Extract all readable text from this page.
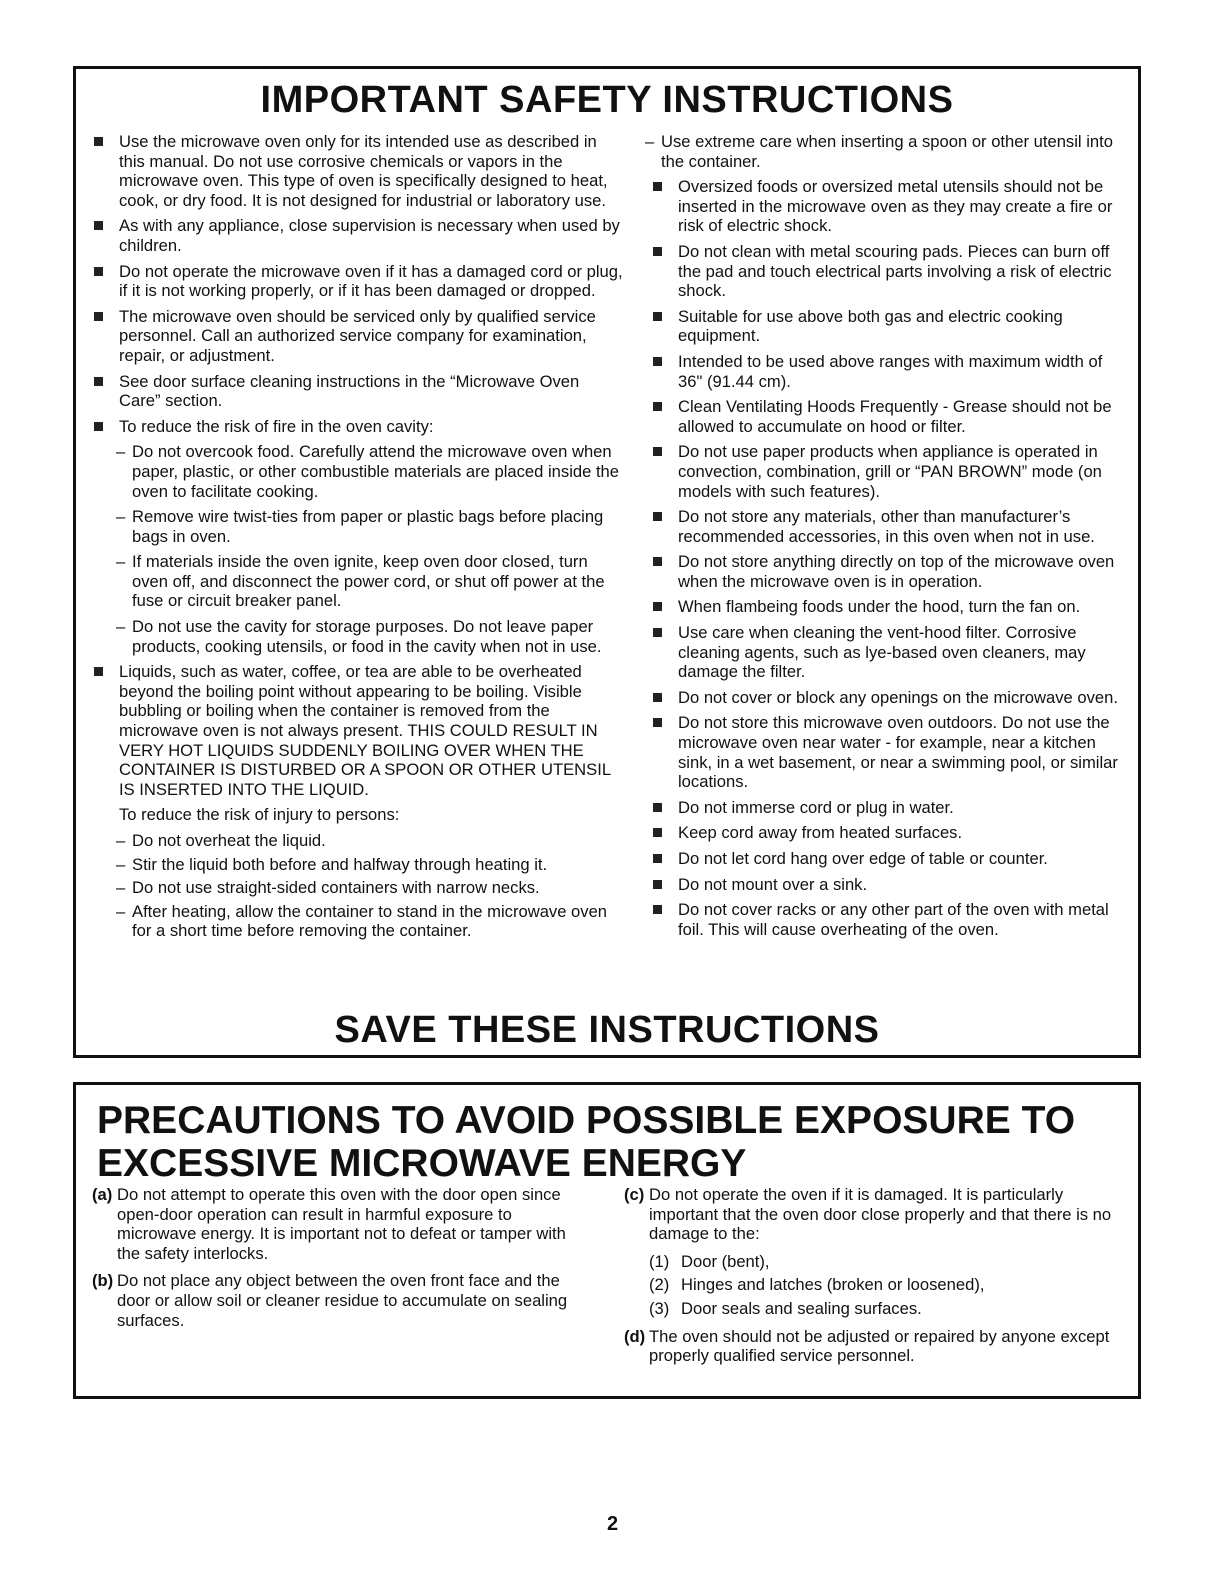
IMPORTANT SAFETY INSTRUCTIONS
Use the microwave oven only for its intended use as described in this manual. Do not use corrosive chemicals or vapors in the microwave oven. This type of oven is specifically designed to heat, cook, or dry food. It is not designed for industrial or laboratory use.
As with any appliance, close supervision is necessary when used by children.
Do not operate the microwave oven if it has a damaged cord or plug, if it is not working properly, or if it has been damaged or dropped.
The microwave oven should be serviced only by qualified service personnel. Call an authorized service company for examination, repair, or adjustment.
See door surface cleaning instructions in the “Microwave Oven Care” section.
To reduce the risk of fire in the oven cavity:
– Do not overcook food. Carefully attend the microwave oven when paper, plastic, or other combustible materials are placed inside the oven to facilitate cooking.
– Remove wire twist-ties from paper or plastic bags before placing bags in oven.
– If materials inside the oven ignite, keep oven door closed, turn oven off, and disconnect the power cord, or shut off power at the fuse or circuit breaker panel.
– Do not use the cavity for storage purposes. Do not leave paper products, cooking utensils, or food in the cavity when not in use.
Liquids, such as water, coffee, or tea are able to be overheated beyond the boiling point without appearing to be boiling. Visible bubbling or boiling when the container is removed from the microwave oven is not always present. THIS COULD RESULT IN VERY HOT LIQUIDS SUDDENLY BOILING OVER WHEN THE CONTAINER IS DISTURBED OR A SPOON OR OTHER UTENSIL IS INSERTED INTO THE LIQUID.
To reduce the risk of injury to persons:
– Do not overheat the liquid.
– Stir the liquid both before and halfway through heating it.
– Do not use straight-sided containers with narrow necks.
– After heating, allow the container to stand in the microwave oven for a short time before removing the container.
– Use extreme care when inserting a spoon or other utensil into the container.
Oversized foods or oversized metal utensils should not be inserted in the microwave oven as they may create a fire or risk of electric shock.
Do not clean with metal scouring pads. Pieces can burn off the pad and touch electrical parts involving a risk of electric shock.
Suitable for use above both gas and electric cooking equipment.
Intended to be used above ranges with maximum width of 36" (91.44 cm).
Clean Ventilating Hoods Frequently - Grease should not be allowed to accumulate on hood or filter.
Do not use paper products when appliance is operated in convection, combination, grill or “PAN BROWN” mode (on models with such features).
Do not store any materials, other than manufacturer’s recommended accessories, in this oven when not in use.
Do not store anything directly on top of the microwave oven when the microwave oven is in operation.
When flambeing foods under the hood, turn the fan on.
Use care when cleaning the vent-hood filter. Corrosive cleaning agents, such as lye-based oven cleaners, may damage the filter.
Do not cover or block any openings on the microwave oven.
Do not store this microwave oven outdoors. Do not use the microwave oven near water - for example, near a kitchen sink, in a wet basement, or near a swimming pool, or similar locations.
Do not immerse cord or plug in water.
Keep cord away from heated surfaces.
Do not let cord hang over edge of table or counter.
Do not mount over a sink.
Do not cover racks or any other part of the oven with metal foil. This will cause overheating of the oven.
SAVE THESE INSTRUCTIONS
PRECAUTIONS TO AVOID POSSIBLE EXPOSURE TO
EXCESSIVE MICROWAVE ENERGY
(a) Do not attempt to operate this oven with the door open since open-door operation can result in harmful exposure to microwave energy. It is important not to defeat or tamper with the safety interlocks.
(b) Do not place any object between the oven front face and the door or allow soil or cleaner residue to accumulate on sealing surfaces.
(c) Do not operate the oven if it is damaged. It is particularly important that the oven door close properly and that there is no damage to the:
(1) Door (bent),
(2) Hinges and latches (broken or loosened),
(3) Door seals and sealing surfaces.
(d) The oven should not be adjusted or repaired by anyone except properly qualified service personnel.
2
